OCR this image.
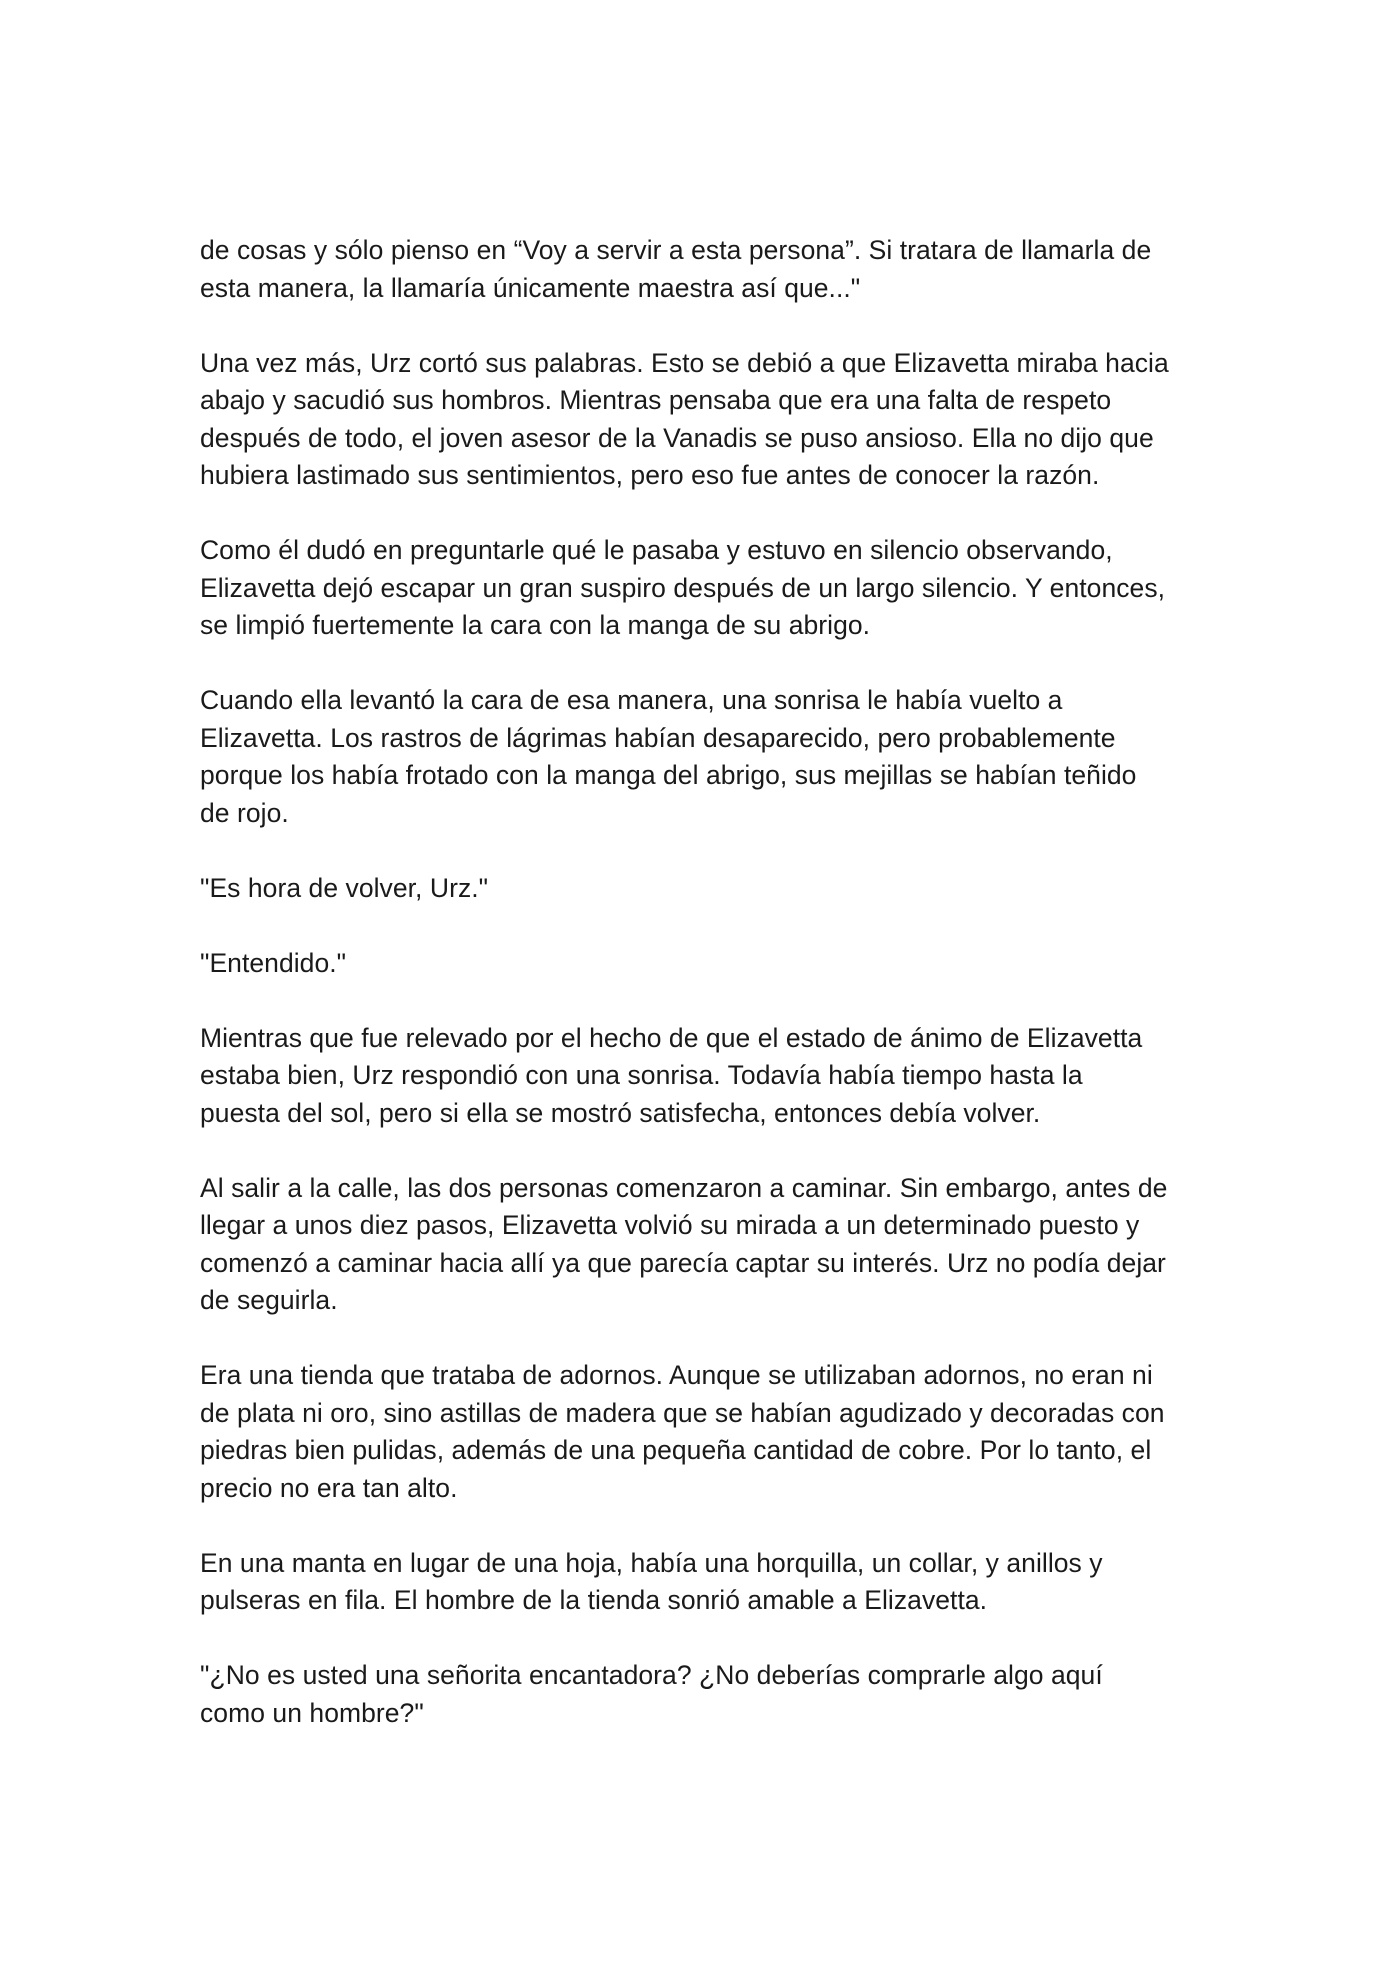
de cosas y sólo pienso en “Voy a servir a esta persona”. Si tratara de llamarla de
esta manera, la llamaría únicamente maestra así que..."

Una vez más, Urz cortó sus palabras. Esto se debió a que Elizavetta miraba hacia
abajo y sacudió sus hombros. Mientras pensaba que era una falta de respeto
después de todo, el joven asesor de la Vanadis se puso ansioso. Ella no dijo que
hubiera lastimado sus sentimientos, pero eso fue antes de conocer la razón.

Como él dudó en preguntarle qué le pasaba y estuvo en silencio observando,
Elizavetta dejó escapar un gran suspiro después de un largo silencio. Y entonces,
se limpió fuertemente la cara con la manga de su abrigo.

Cuando ella levantó la cara de esa manera, una sonrisa le había vuelto a
Elizavetta. Los rastros de lágrimas habían desaparecido, pero probablemente
porque los había frotado con la manga del abrigo, sus mejillas se habían teñido
de rojo.

"Es hora de volver, Urz."

"Entendido."

Mientras que fue relevado por el hecho de que el estado de ánimo de Elizavetta
estaba bien, Urz respondió con una sonrisa. Todavía había tiempo hasta la
puesta del sol, pero si ella se mostró satisfecha, entonces debía volver.

Al salir a la calle, las dos personas comenzaron a caminar. Sin embargo, antes de
llegar a unos diez pasos, Elizavetta volvió su mirada a un determinado puesto y
comenzó a caminar hacia allí ya que parecía captar su interés. Urz no podía dejar
de seguirla.

Era una tienda que trataba de adornos. Aunque se utilizaban adornos, no eran ni
de plata ni oro, sino astillas de madera que se habían agudizado y decoradas con
piedras bien pulidas, además de una pequeña cantidad de cobre. Por lo tanto, el
precio no era tan alto.

En una manta en lugar de una hoja, había una horquilla, un collar, y anillos y
pulseras en fila. El hombre de la tienda sonrió amable a Elizavetta.

"¿No es usted una señorita encantadora? ¿No deberías comprarle algo aquí
como un hombre?"
